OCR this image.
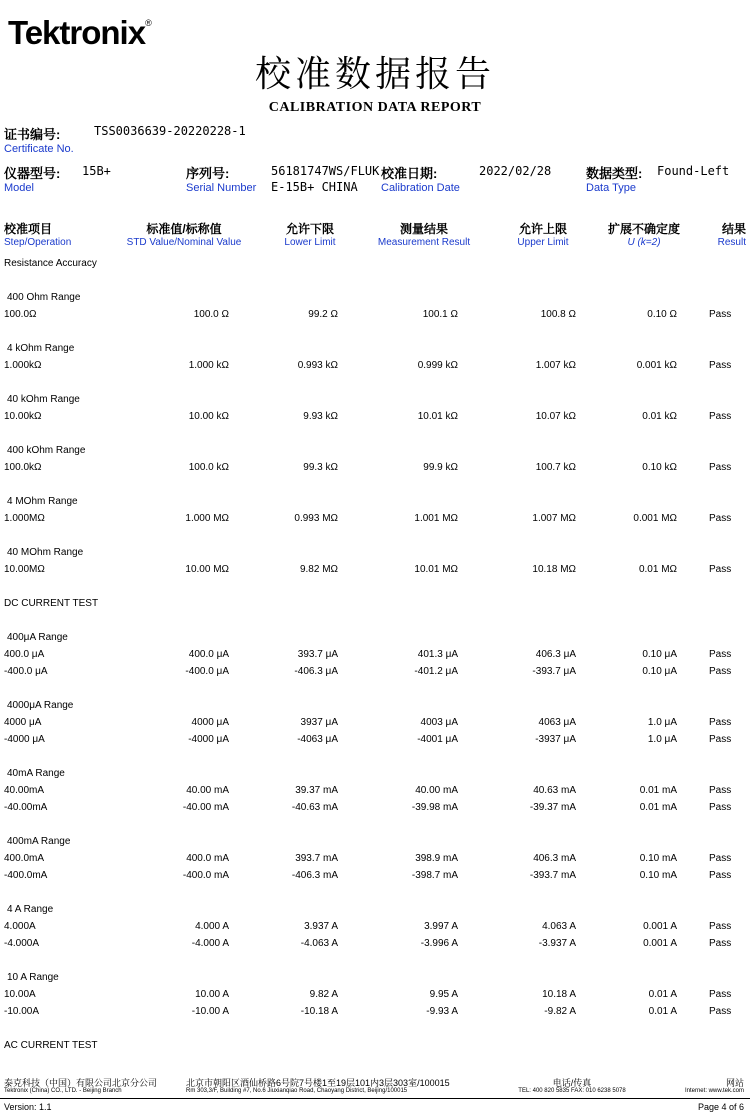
Tektronix®
校准数据报告
CALIBRATION DATA REPORT
证书编号:
Certificate No.
TSS0036639-20220228-1
仪器型号:
Model
15B+	序列号:
Serial Number
56181747WS/FLUK
E-15B+ CHINA
校准日期:
Calibration Date
2022/02/28	数据类型:
Data Type
Found-Left
校准项目
Step/Operation
标准值/标称值
STD Value/Nominal Value
允许下限
Lower Limit
测量结果
Measurement Result
允许上限
Upper Limit
扩展不确定度
U (k=2)
结果
Result
Resistance Accuracy
400 Ohm Range
100.0Ω	100.0 Ω	99.2 Ω	100.1 Ω	100.8 Ω	0.10 Ω	Pass
4 kOhm Range
1.000kΩ	1.000 kΩ	0.993 kΩ	0.999 kΩ	1.007 kΩ	0.001 kΩ	Pass
40 kOhm Range
10.00kΩ	10.00 kΩ	9.93 kΩ	10.01 kΩ	10.07 kΩ	0.01 kΩ	Pass
400 kOhm Range
100.0kΩ	100.0 kΩ	99.3 kΩ	99.9 kΩ	100.7 kΩ	0.10 kΩ	Pass
4 MOhm Range
1.000MΩ	1.000 MΩ	0.993 MΩ	1.001 MΩ	1.007 MΩ	0.001 MΩ	Pass
40 MOhm Range
10.00MΩ	10.00 MΩ	9.82 MΩ	10.01 MΩ	10.18 MΩ	0.01 MΩ	Pass
DC CURRENT TEST
400μA Range
400.0 μA	400.0 μA	393.7 μA	401.3 μA	406.3 μA	0.10 μA	Pass
-400.0 μA	-400.0 μA	-406.3 μA	-401.2 μA	-393.7 μA	0.10 μA	Pass
4000μA Range
4000 μA	4000 μA	3937 μA	4003 μA	4063 μA	1.0 μA	Pass
-4000 μA	-4000 μA	-4063 μA	-4001 μA	-3937 μA	1.0 μA	Pass
40mA Range
40.00mA	40.00 mA	39.37 mA	40.00 mA	40.63 mA	0.01 mA	Pass
-40.00mA	-40.00 mA	-40.63 mA	-39.98 mA	-39.37 mA	0.01 mA	Pass
400mA Range
400.0mA	400.0 mA	393.7 mA	398.9 mA	406.3 mA	0.10 mA	Pass
-400.0mA	-400.0 mA	-406.3 mA	-398.7 mA	-393.7 mA	0.10 mA	Pass
4 A Range
4.000A	4.000 A	3.937 A	3.997 A	4.063 A	0.001 A	Pass
-4.000A	-4.000 A	-4.063 A	-3.996 A	-3.937 A	0.001 A	Pass
10 A Range
10.00A	10.00 A	9.82 A	9.95 A	10.18 A	0.01 A	Pass
-10.00A	-10.00 A	-10.18 A	-9.93 A	-9.82 A	0.01 A	Pass
AC CURRENT TEST
泰克科技（中国）有限公司北京分公司
Tektronix (China) CO., LTD. - Beijing Branch
北京市朝阳区酒仙桥路6号院7号楼1至19层101内3层303室/100015
Rm 303,3/F, Building #7, No.6 Jiuxianqiao Road, Chaoyang District, Beijing/100015
电话/传真
TEL: 400 820 5835 FAX: 010 6238 5078
网站
Internet: www.tek.com
Version: 1.1	Page 4 of 6
